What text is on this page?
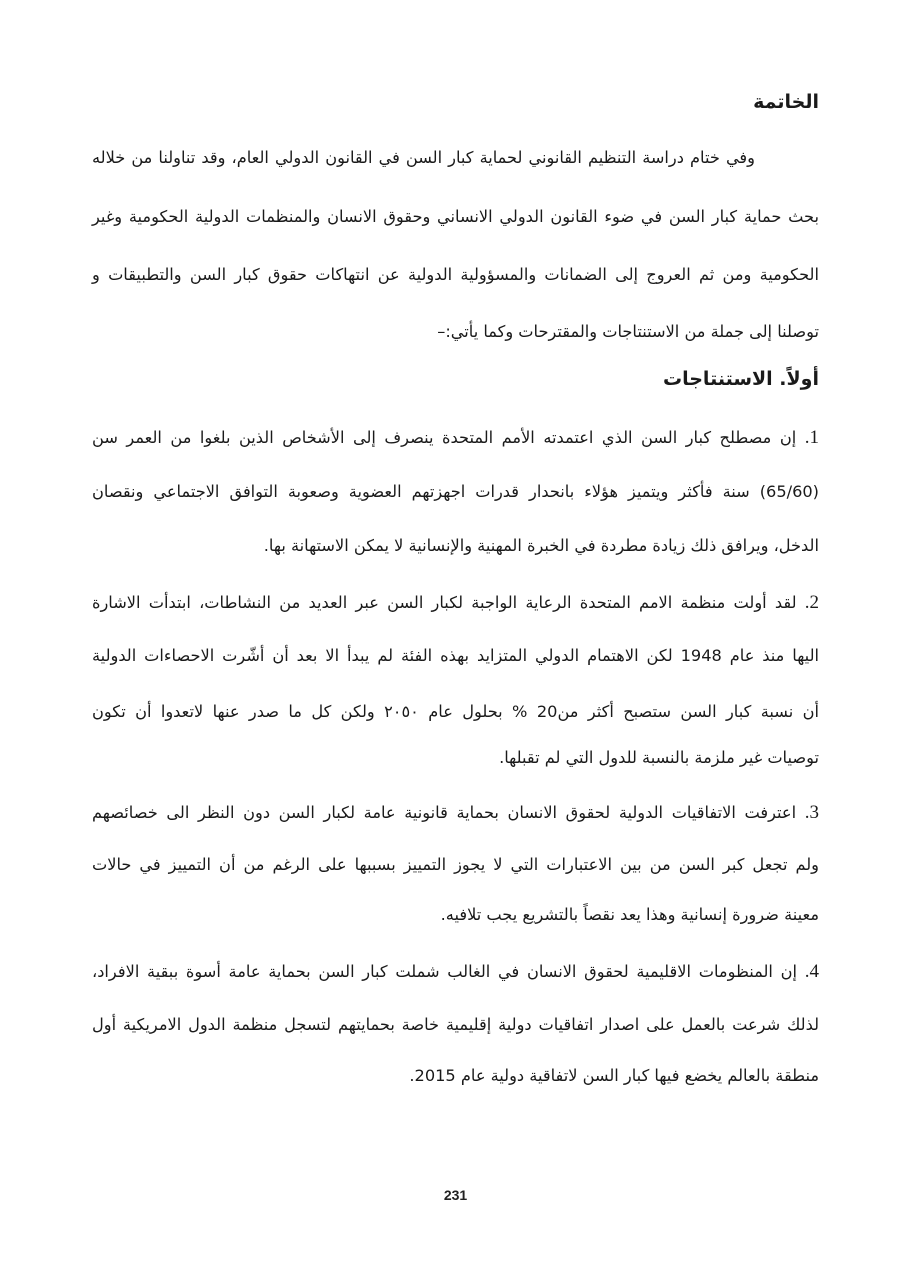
الخاتمة
وفي ختام دراسة التنظيم القانوني لحماية كبار السن في القانون الدولي العام، وقد تناولنا من خلاله
بحث حماية كبار السن في ضوء القانون الدولي الانساني وحقوق الانسان والمنظمات الدولية الحكومية وغير
الحكومية ومن ثم العروج إلى الضمانات والمسؤولية الدولية عن انتهاكات حقوق كبار السن والتطبيقات و
توصلنا إلى جملة من الاستنتاجات والمقترحات وكما يأتي:–
أولاً. الاستنتاجات
1. إن مصطلح كبار السن الذي اعتمدته الأمم المتحدة ينصرف إلى الأشخاص الذين بلغوا من العمر سن
(65/60) سنة فأكثر ويتميز هؤلاء بانحدار قدرات اجهزتهم العضوية وصعوبة التوافق الاجتماعي ونقصان
الدخل، ويرافق ذلك زيادة مطردة في الخبرة المهنية والإنسانية لا يمكن الاستهانة بها.
2. لقد أولت منظمة الامم المتحدة الرعاية الواجبة لكبار السن عبر العديد من النشاطات، ابتدأت الاشارة
اليها منذ عام 1948 لكن الاهتمام الدولي المتزايد بهذه الفئة لم يبدأ الا بعد أن أشّرت الاحصاءات الدولية
أن نسبة كبار السن ستصبح أكثر من20 % بحلول عام ٢٠٥٠ ولكن كل ما صدر عنها لاتعدوا أن تكون
توصيات غير ملزمة بالنسبة للدول التي لم تقبلها.
3. اعترفت الاتفاقيات الدولية لحقوق الانسان بحماية قانونية عامة لكبار السن دون النظر الى خصائصهم
ولم تجعل كبر السن من بين الاعتبارات التي لا يجوز التمييز بسببها على الرغم من أن التمييز في حالات
معينة ضرورة إنسانية وهذا يعد نقصاً بالتشريع يجب تلافيه.
4. إن المنظومات الاقليمية لحقوق الانسان في الغالب شملت كبار السن بحماية عامة أسوة ببقية الافراد،
لذلك شرعت بالعمل على اصدار اتفاقيات دولية إقليمية خاصة بحمايتهم لتسجل منظمة الدول الامريكية أول
منطقة بالعالم يخضع فيها كبار السن لاتفاقية دولية عام 2015.
231
